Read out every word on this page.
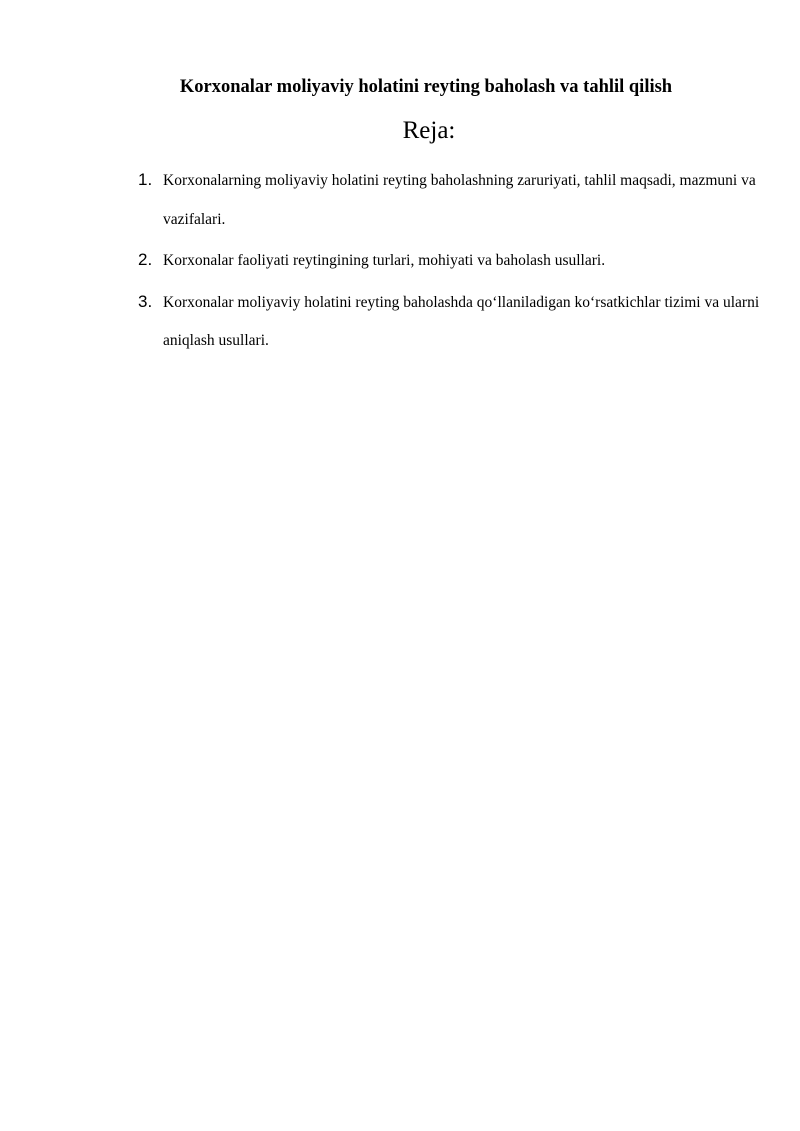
Korxonalar moliyaviy holatini reyting baholash va tahlil qilish
Reja:
1. Korxonalarning moliyaviy holatini reyting baholashning zaruriyati, tahlil maqsadi, mazmuni va vazifalari.
2. Korxonalar faoliyati reytingining turlari, mohiyati va baholash usullari.
3. Korxonalar moliyaviy holatini reyting baholashda qo‘llaniladigan ko‘rsatkichlar tizimi va ularni aniqlash usullari.
